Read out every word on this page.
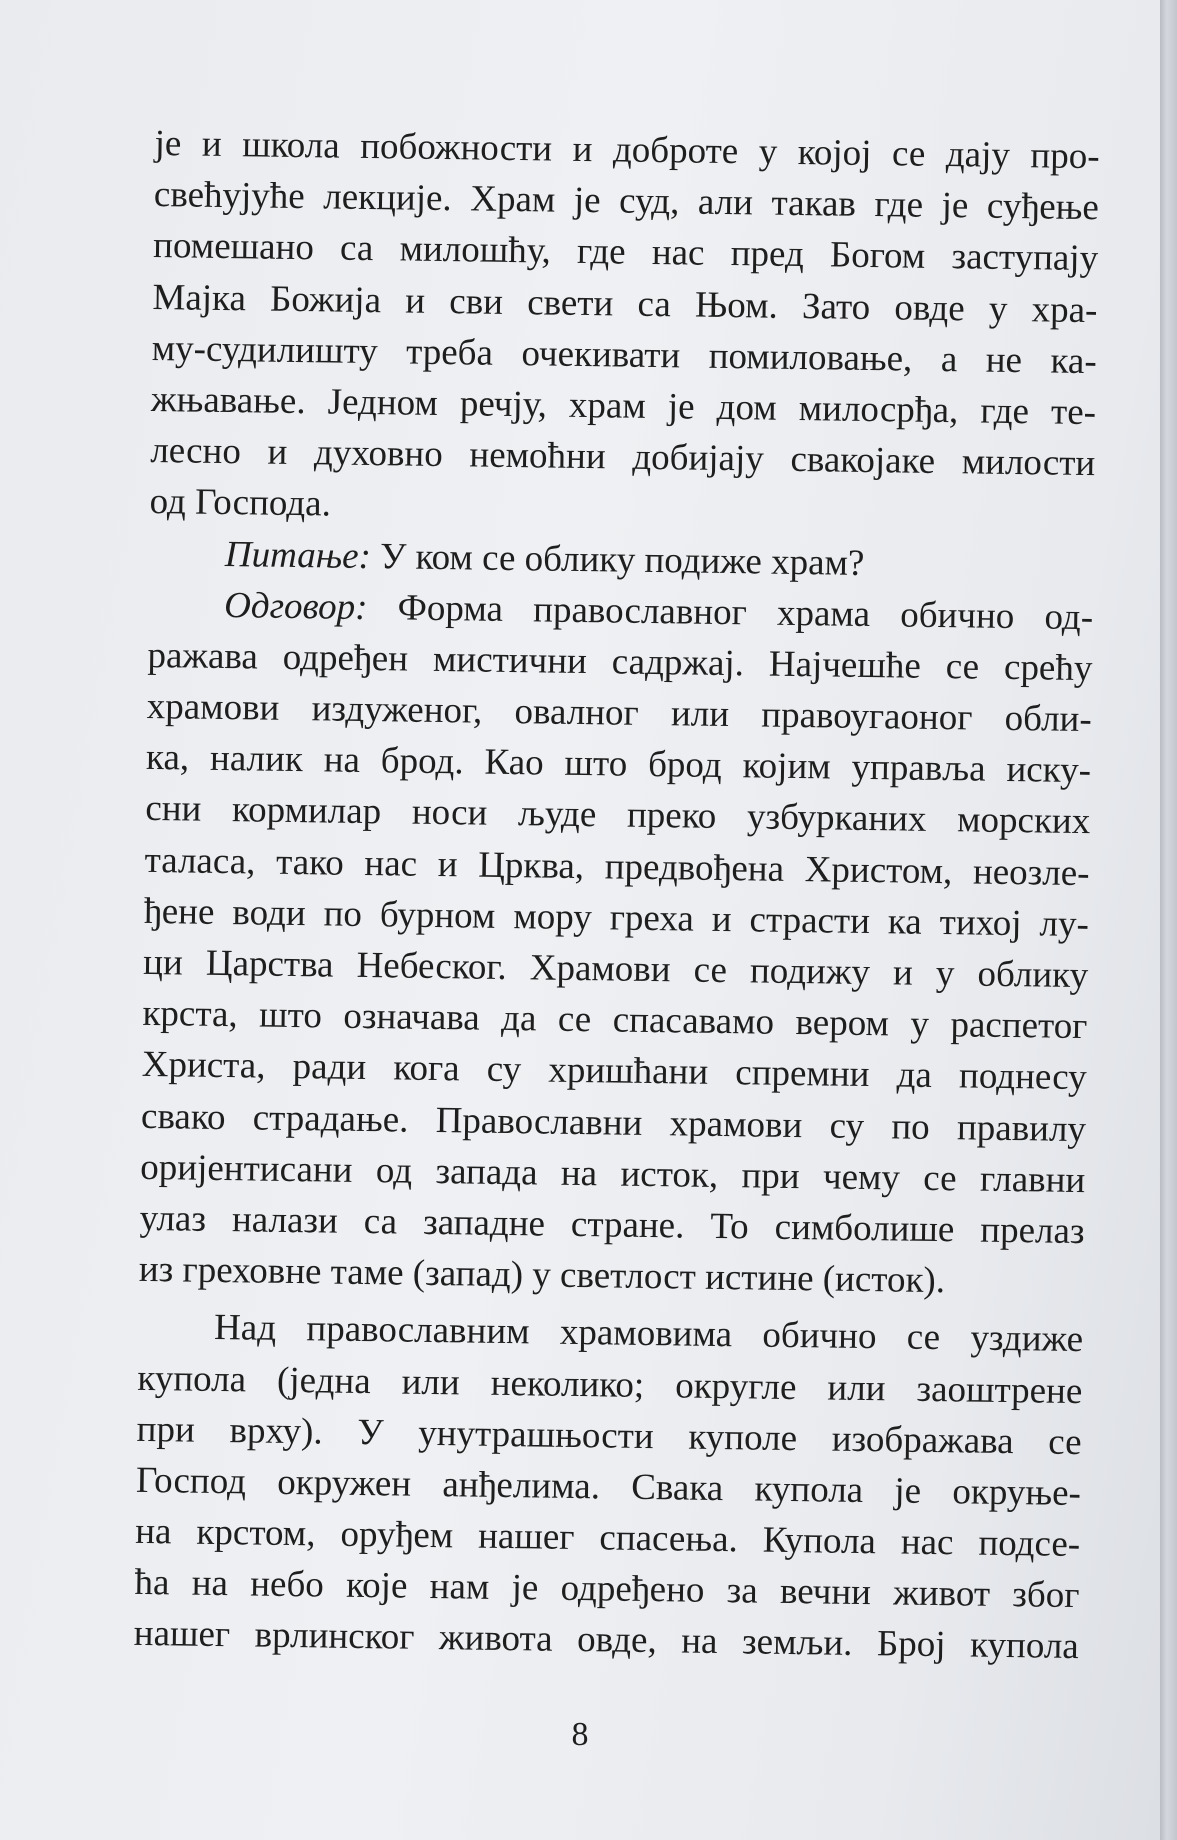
је и школа побожности и доброте у којој се дају про-
свећујуће лекције. Храм је суд, али такав где је суђење
помешано са милошћу, где нас пред Богом заступају
Мајка Божија и сви свети са Њом. Зато овде у хра-
му-судилишту треба очекивати помиловање, а не ка-
жњавање. Једном речју, храм је дом милосрђа, где те-
лесно и духовно немоћни добијају свакојаке милости
од Господа.
Питање: У ком се облику подиже храм?
Одговор: Форма православног храма обично од-
ражава одређен мистични садржај. Најчешће се срећу
храмови издуженог, овалног или правоугаоног обли-
ка, налик на брод. Као што брод којим управља иску-
сни кормилар носи људе преко узбурканих морских
таласа, тако нас и Црква, предвођена Христом, неозле-
ђене води по бурном мору греха и страсти ка тихој лу-
ци Царства Небеског. Храмови се подижу и у облику
крста, што означава да се спасавамо вером у распетог
Христа, ради кога су хришћани спремни да поднесу
свако страдање. Православни храмови су по правилу
оријентисани од запада на исток, при чему се главни
улаз налази са западне стране. То симболише прелаз
из греховне таме (запад) у светлост истине (исток).
Над православним храмовима обично се уздиже
купола (једна или неколико; округле или заоштрене
при врху). У унутрашњости куполе изображава се
Господ окружен анђелима. Свака купола је окруње-
на крстом, оруђем нашег спасења. Купола нас подсе-
ћа на небо које нам је одређено за вечни живот због
нашег врлинског живота овде, на земљи. Број купола
8
